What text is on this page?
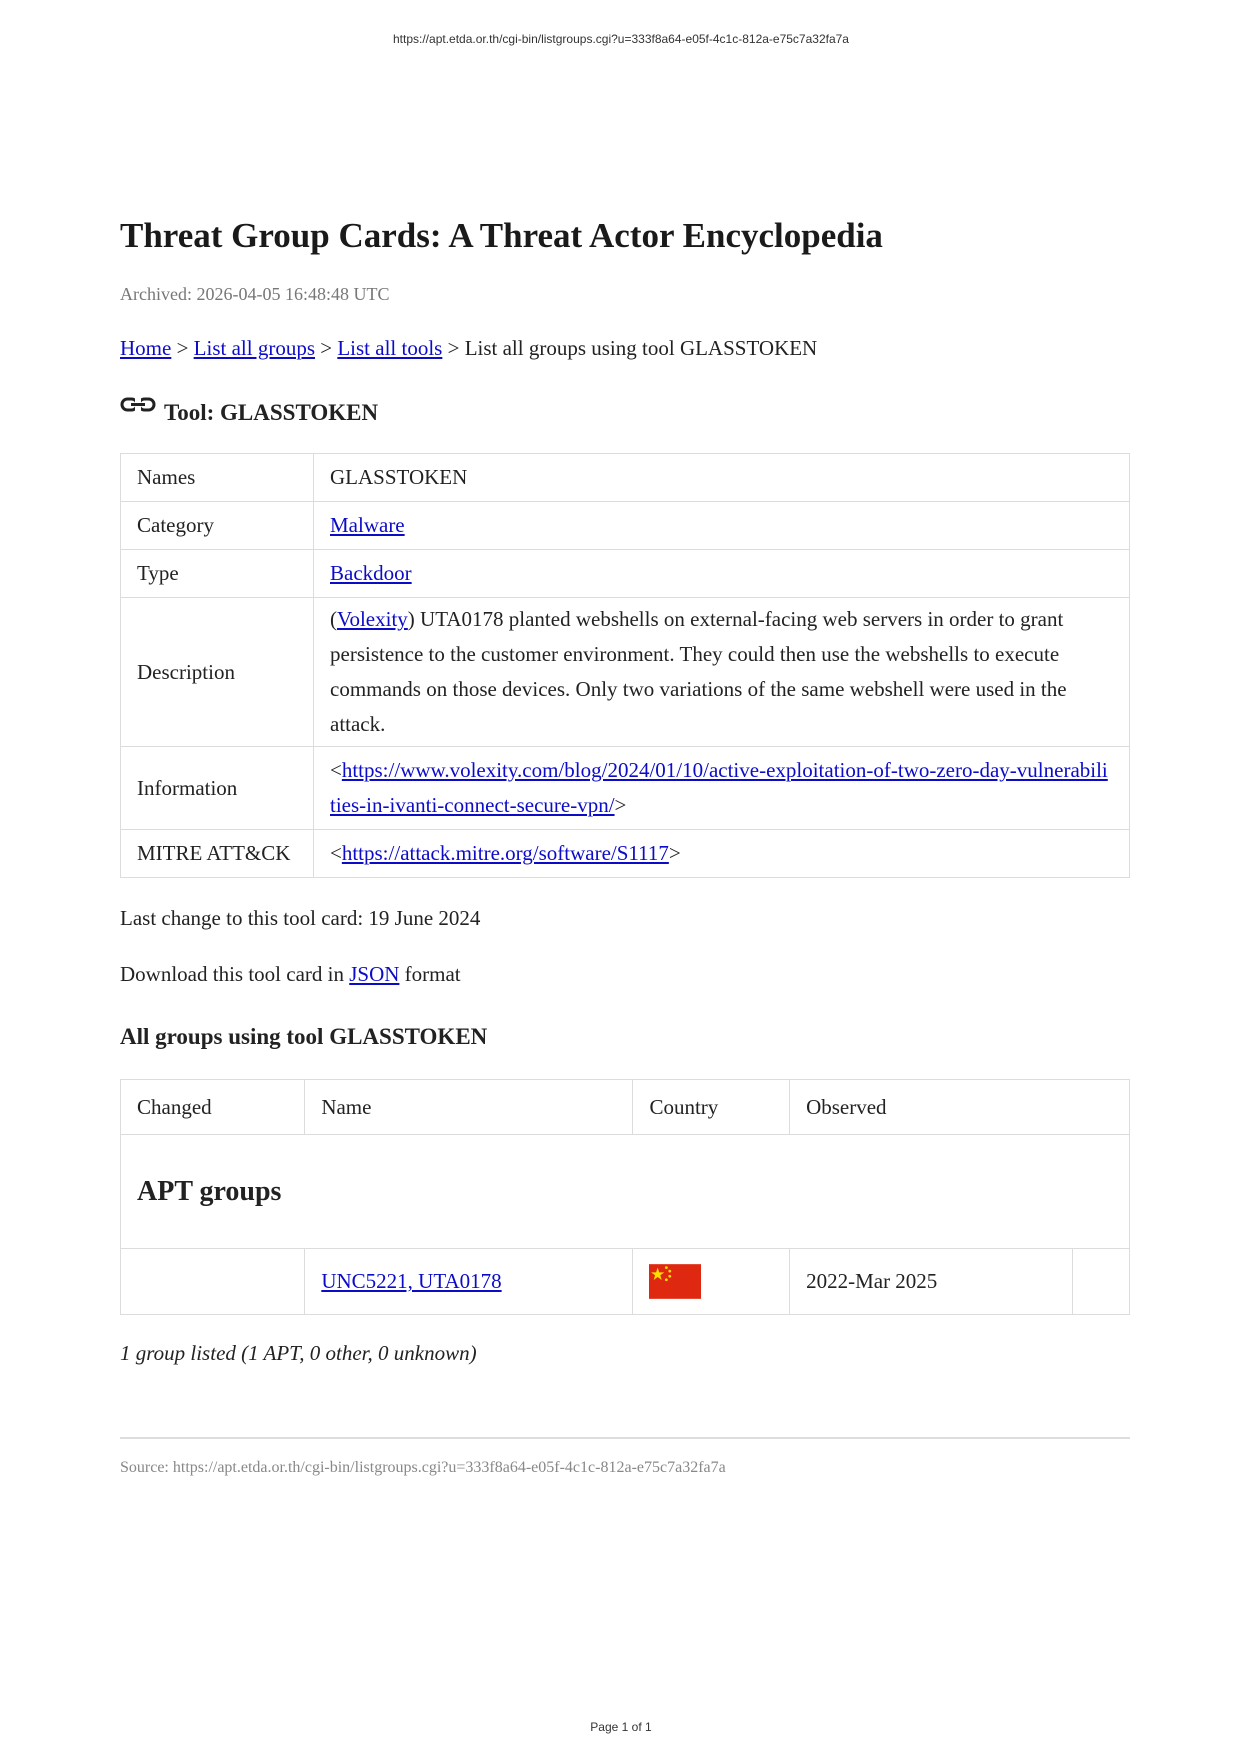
https://apt.etda.or.th/cgi-bin/listgroups.cgi?u=333f8a64-e05f-4c1c-812a-e75c7a32fa7a
Threat Group Cards: A Threat Actor Encyclopedia
Archived: 2026-04-05 16:48:48 UTC
Home > List all groups > List all tools > List all groups using tool GLASSTOKEN
Tool: GLASSTOKEN
Names	GLASSTOKEN
Category	Malware
Type	Backdoor
Description	(Volexity) UTA0178 planted webshells on external-facing web servers in order to grant persistence to the customer environment. They could then use the webshells to execute commands on those devices. Only two variations of the same webshell were used in the attack.
Information	<https://www.volexity.com/blog/2024/01/10/active-exploitation-of-two-zero-day-vulnerabilities-in-ivanti-connect-secure-vpn/>
MITRE ATT&CK	<https://attack.mitre.org/software/S1117>
Last change to this tool card: 19 June 2024
Download this tool card in JSON format
All groups using tool GLASSTOKEN
Changed	Name	Country	Observed	
APT groups				
	UNC5221, UTA0178		2022-Mar 2025	
1 group listed (1 APT, 0 other, 0 unknown)
Source: https://apt.etda.or.th/cgi-bin/listgroups.cgi?u=333f8a64-e05f-4c1c-812a-e75c7a32fa7a
Page 1 of 1
